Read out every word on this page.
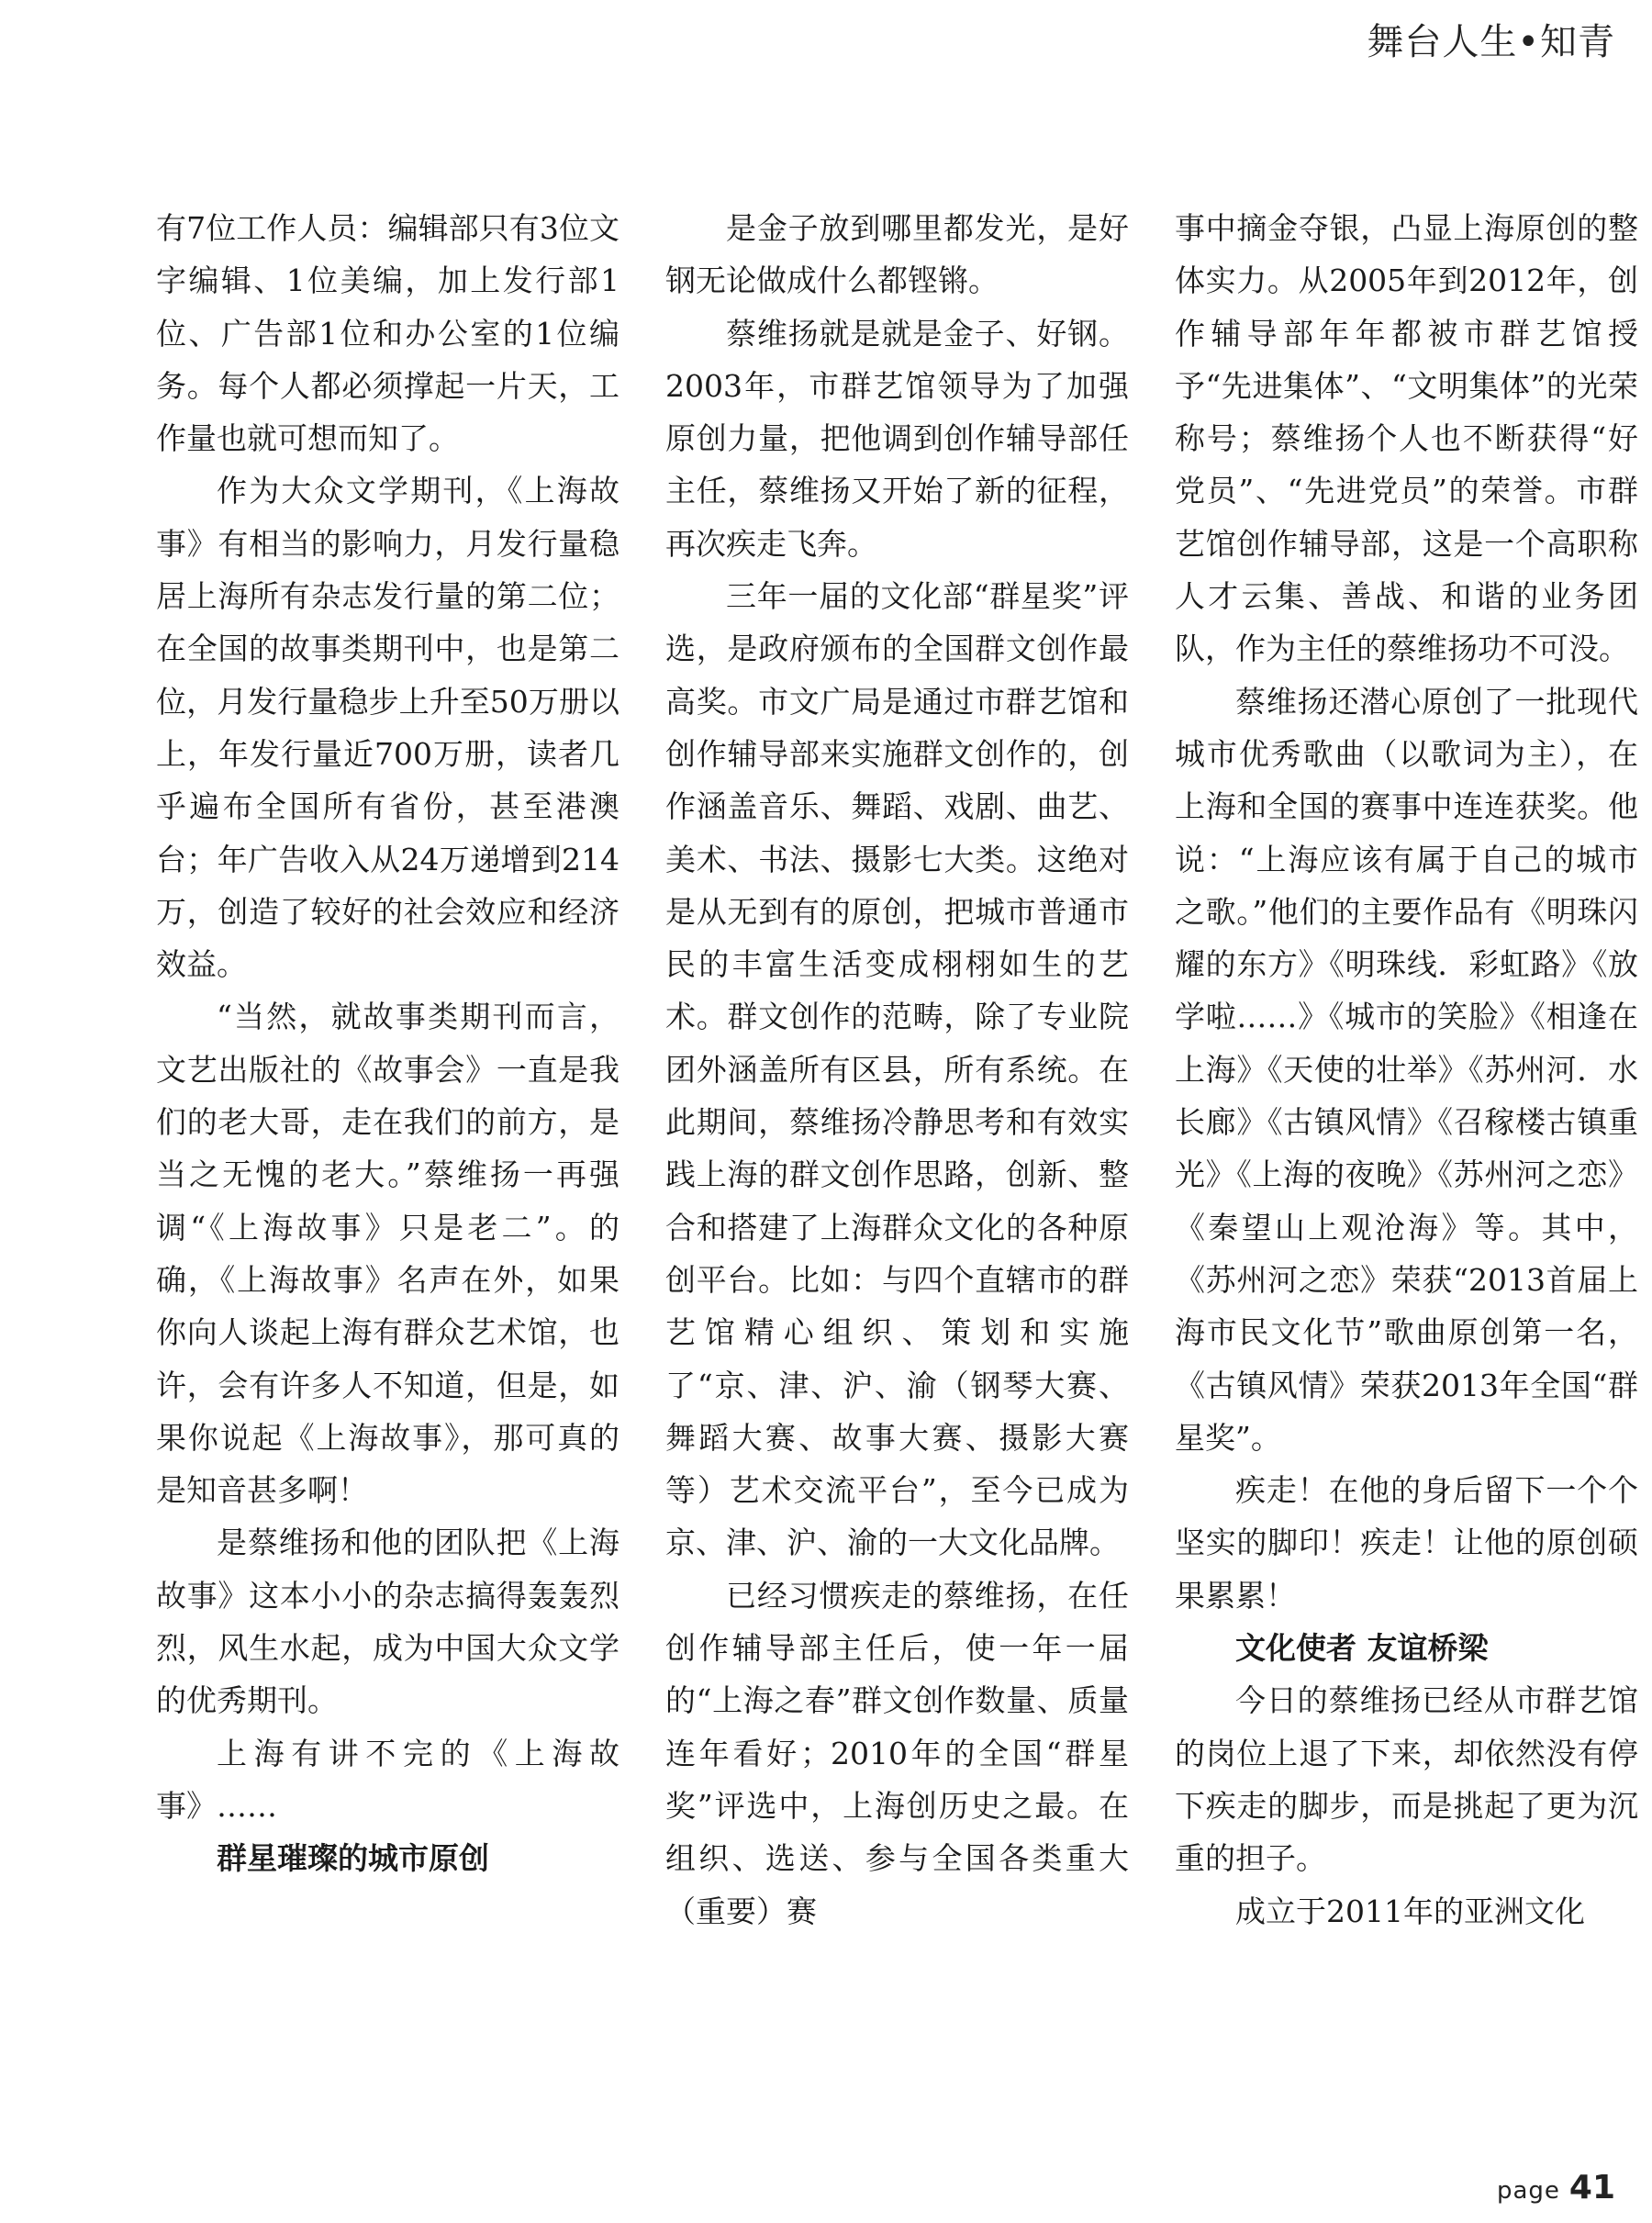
舞台人生•知青

有7位工作人员：编辑部只有3位文字编辑、1位美编，加上发行部1位、广告部1位和办公室的1位编务。每个人都必须撑起一片天，工作量也就可想而知了。

作为大众文学期刊，《上海故事》有相当的影响力，月发行量稳居上海所有杂志发行量的第二位；在全国的故事类期刊中，也是第二位，月发行量稳步上升至50万册以上，年发行量近700万册，读者几乎遍布全国所有省份，甚至港澳台；年广告收入从24万递增到214万，创造了较好的社会效应和经济效益。

“当然，就故事类期刊而言，文艺出版社的《故事会》一直是我们的老大哥，走在我们的前方，是当之无愧的老大。”蔡维扬一再强调“《上海故事》只是老二”。的确，《上海故事》名声在外，如果你向人谈起上海有群众艺术馆，也许，会有许多人不知道，但是，如果你说起《上海故事》，那可真的是知音甚多啊！

是蔡维扬和他的团队把《上海故事》这本小小的杂志搞得轰轰烈烈，风生水起，成为中国大众文学的优秀期刊。

上海有讲不完的《上海故事》……

群星璀璨的城市原创

是金子放到哪里都发光，是好钢无论做成什么都铿锵。

蔡维扬就是就是金子、好钢。2003年，市群艺馆领导为了加强原创力量，把他调到创作辅导部任主任，蔡维扬又开始了新的征程，再次疾走飞奔。

三年一届的文化部“群星奖”评选，是政府颁布的全国群文创作最高奖。市文广局是通过市群艺馆和创作辅导部来实施群文创作的，创作涵盖音乐、舞蹈、戏剧、曲艺、美术、书法、摄影七大类。这绝对是从无到有的原创，把城市普通市民的丰富生活变成栩栩如生的艺术。群文创作的范畴，除了专业院团外涵盖所有区县，所有系统。在此期间，蔡维扬冷静思考和有效实践上海的群文创作思路，创新、整合和搭建了上海群众文化的各种原创平台。比如：与四个直辖市的群艺馆精心组织、策划和实施了“京、津、沪、渝（钢琴大赛、舞蹈大赛、故事大赛、摄影大赛等）艺术交流平台”，至今已成为京、津、沪、渝的一大文化品牌。

已经习惯疾走的蔡维扬，在任创作辅导部主任后，使一年一届的“上海之春”群文创作数量、质量连年看好；2010年的全国“群星奖”评选中，上海创历史之最。在组织、选送、参与全国各类重大（重要）赛

事中摘金夺银，凸显上海原创的整体实力。从2005年到2012年，创作辅导部年年都被市群艺馆授予“先进集体”、“文明集体”的光荣称号；蔡维扬个人也不断获得“好党员”、“先进党员”的荣誉。市群艺馆创作辅导部，这是一个高职称人才云集、善战、和谐的业务团队，作为主任的蔡维扬功不可没。

蔡维扬还潜心原创了一批现代城市优秀歌曲（以歌词为主），在上海和全国的赛事中连连获奖。他说：“上海应该有属于自己的城市之歌。”他们的主要作品有《明珠闪耀的东方》《明珠线．彩虹路》《放学啦……》《城市的笑脸》《相逢在上海》《天使的壮举》《苏州河．水长廊》《古镇风情》《召稼楼古镇重光》《上海的夜晚》《苏州河之恋》《秦望山上观沧海》等。其中，《苏州河之恋》荣获“2013首届上海市民文化节”歌曲原创第一名，《古镇风情》荣获2013年全国“群星奖”。

疾走！在他的身后留下一个个坚实的脚印！疾走！让他的原创硕果累累！

文化使者 友谊桥梁

今日的蔡维扬已经从市群艺馆的岗位上退了下来，却依然没有停下疾走的脚步，而是挑起了更为沉重的担子。

成立于2011年的亚洲文化

page 41
